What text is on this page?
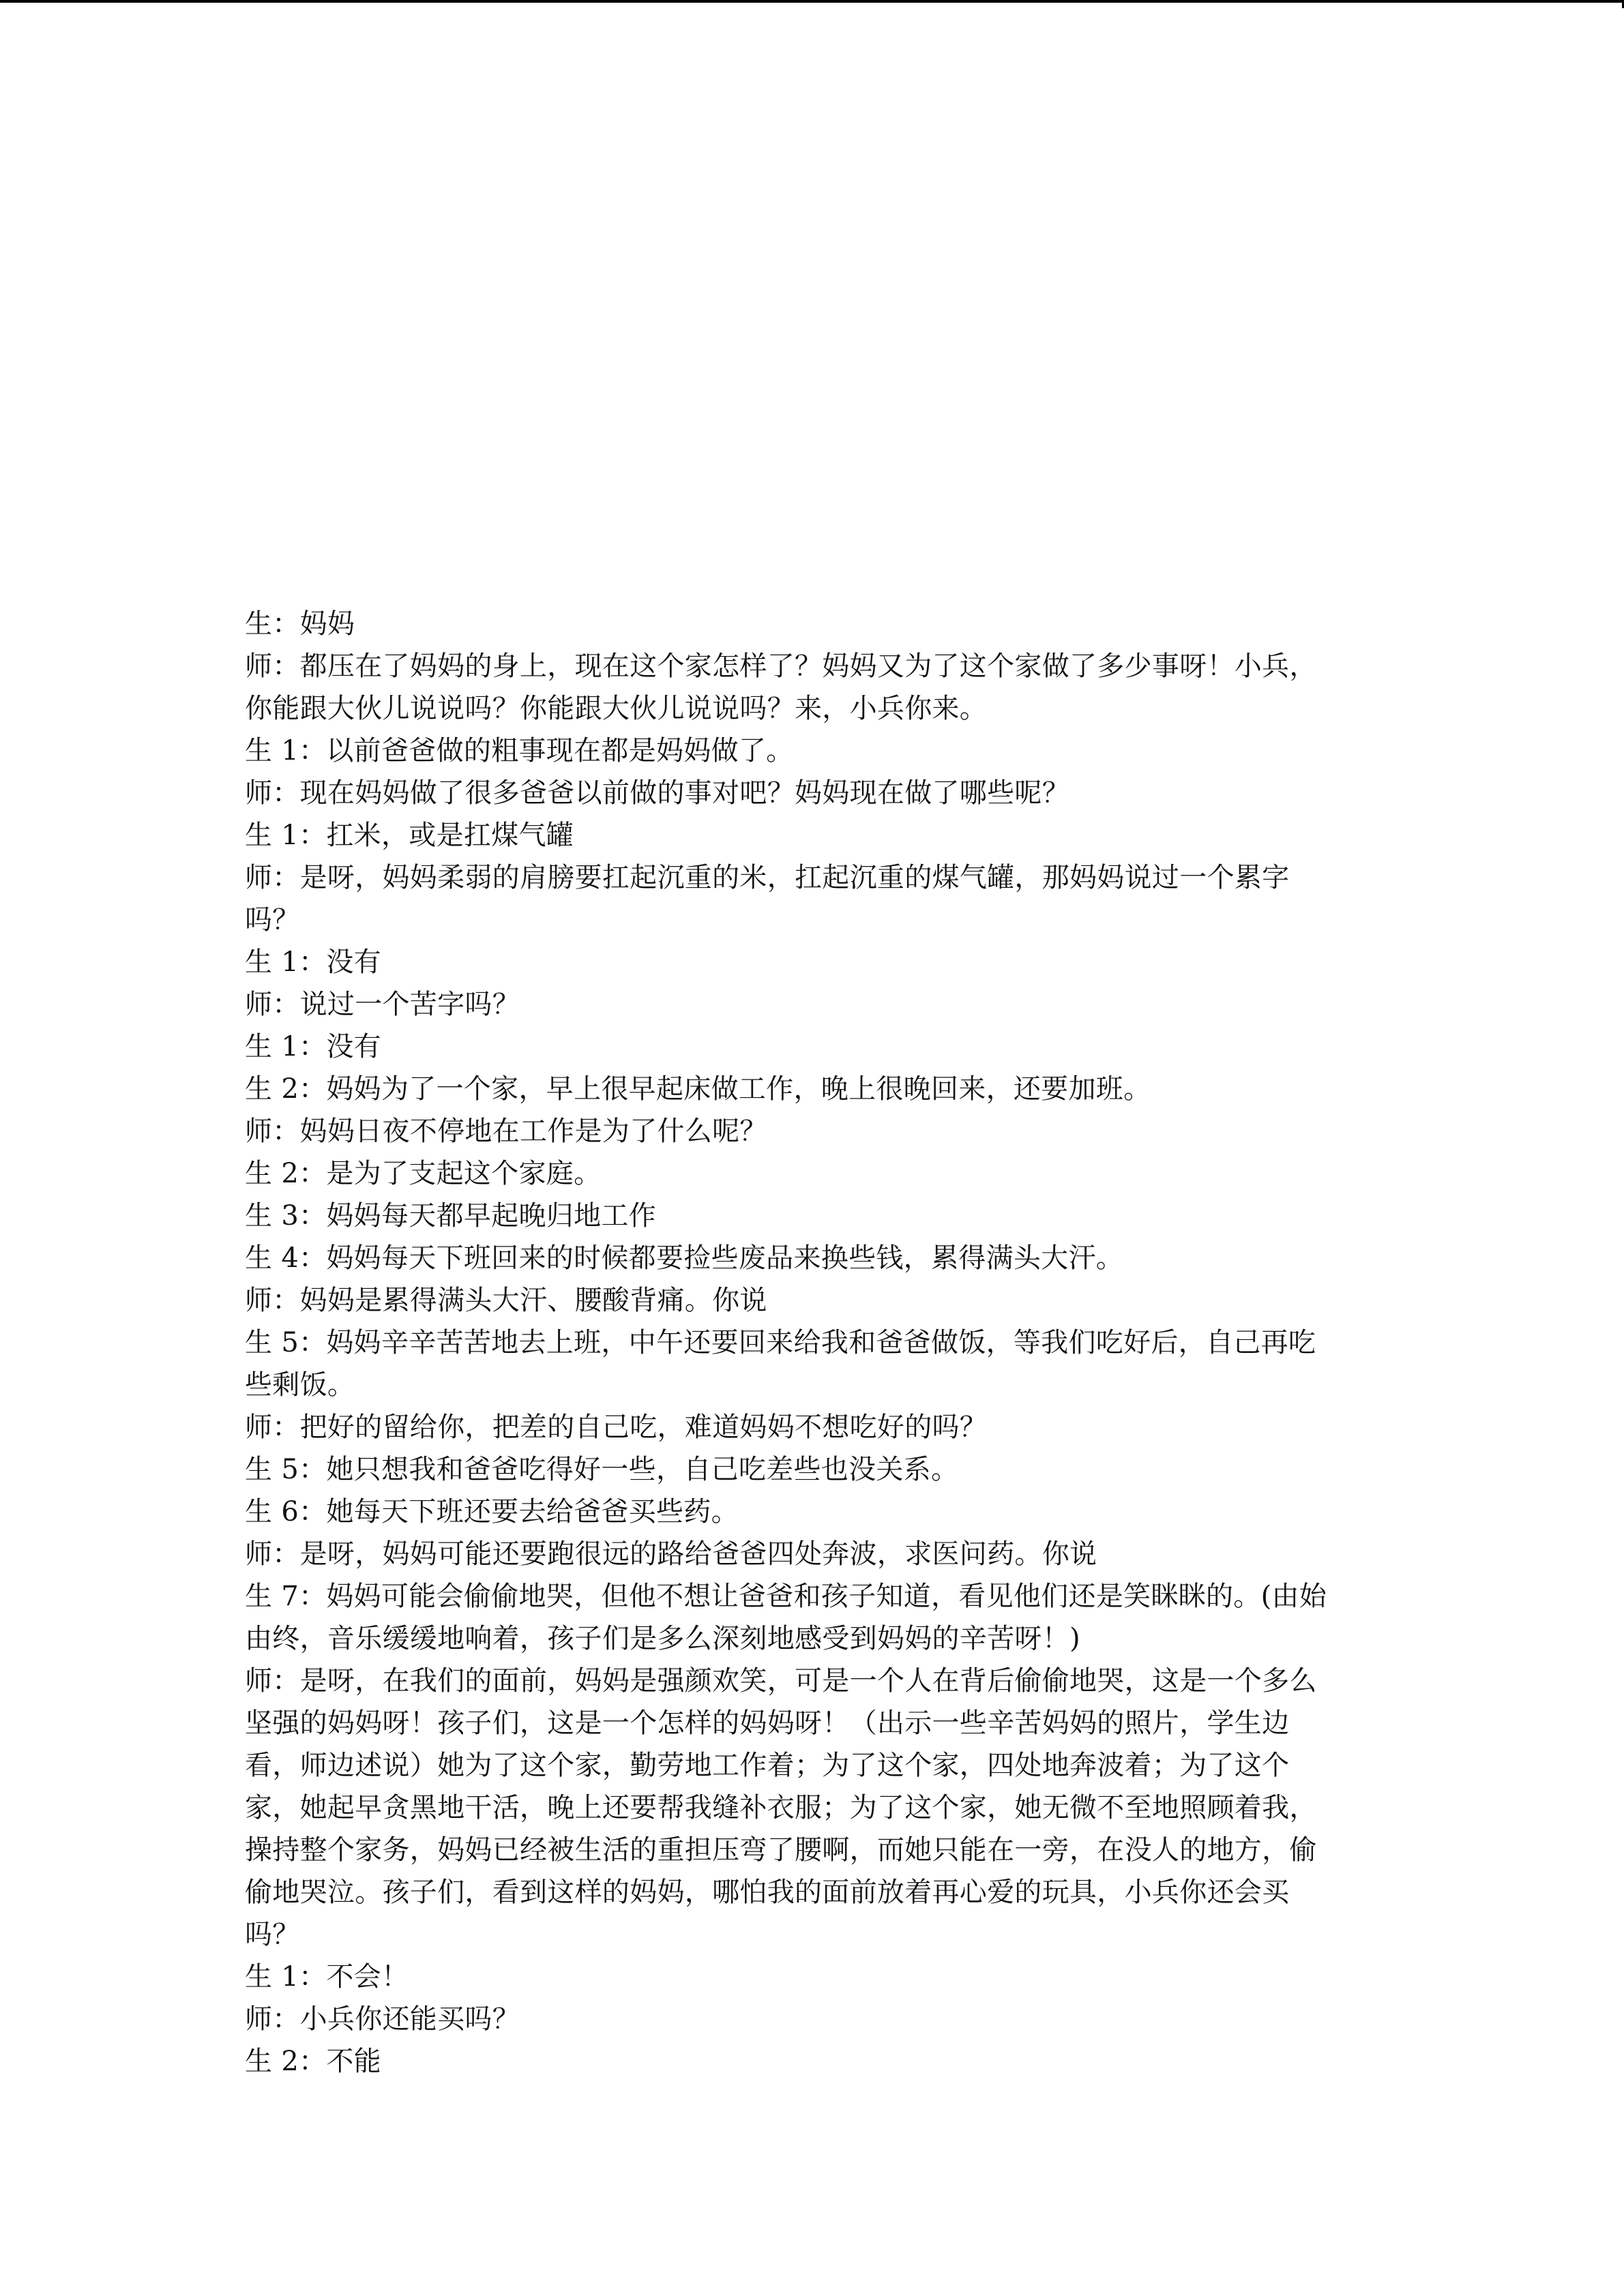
生：妈妈
师：都压在了妈妈的身上，现在这个家怎样了？妈妈又为了这个家做了多少事呀！小兵，
你能跟大伙儿说说吗？你能跟大伙儿说说吗？来，小兵你来。
生 1：以前爸爸做的粗事现在都是妈妈做了。
师：现在妈妈做了很多爸爸以前做的事对吧？妈妈现在做了哪些呢？
生 1：扛米，或是扛煤气罐
师：是呀，妈妈柔弱的肩膀要扛起沉重的米，扛起沉重的煤气罐，那妈妈说过一个累字
吗？
生 1：没有
师：说过一个苦字吗？
生 1：没有
生 2：妈妈为了一个家，早上很早起床做工作，晚上很晚回来，还要加班。
师：妈妈日夜不停地在工作是为了什么呢？
生 2：是为了支起这个家庭。
生 3：妈妈每天都早起晚归地工作
生 4：妈妈每天下班回来的时候都要捡些废品来换些钱，累得满头大汗。
师：妈妈是累得满头大汗、腰酸背痛。你说
生 5：妈妈辛辛苦苦地去上班，中午还要回来给我和爸爸做饭，等我们吃好后，自己再吃
些剩饭。
师：把好的留给你，把差的自己吃，难道妈妈不想吃好的吗？
生 5：她只想我和爸爸吃得好一些，自己吃差些也没关系。
生 6：她每天下班还要去给爸爸买些药。
师：是呀，妈妈可能还要跑很远的路给爸爸四处奔波，求医问药。你说
生 7：妈妈可能会偷偷地哭，但他不想让爸爸和孩子知道，看见他们还是笑眯眯的。(由始
由终，音乐缓缓地响着，孩子们是多么深刻地感受到妈妈的辛苦呀！)
师：是呀，在我们的面前，妈妈是强颜欢笑，可是一个人在背后偷偷地哭，这是一个多么
坚强的妈妈呀！孩子们，这是一个怎样的妈妈呀！（出示一些辛苦妈妈的照片，学生边
看，师边述说）她为了这个家，勤劳地工作着；为了这个家，四处地奔波着；为了这个
家，她起早贪黑地干活，晚上还要帮我缝补衣服；为了这个家，她无微不至地照顾着我，
操持整个家务，妈妈已经被生活的重担压弯了腰啊，而她只能在一旁，在没人的地方，偷
偷地哭泣。孩子们，看到这样的妈妈，哪怕我的面前放着再心爱的玩具，小兵你还会买
吗？
生 1：不会！
师：小兵你还能买吗？
生 2：不能
